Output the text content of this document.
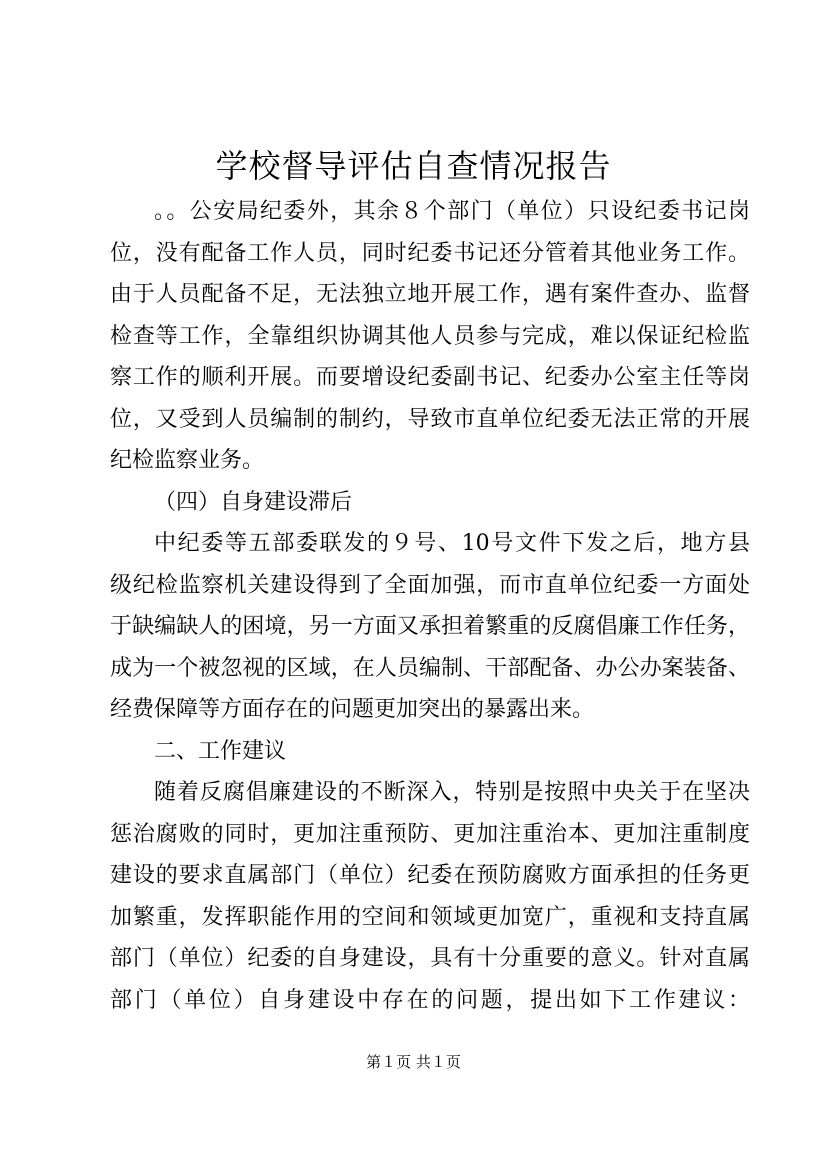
学校督导评估自查情况报告
。。公安局纪委外，其余８个部门（单位）只设纪委书记岗
位，没有配备工作人员，同时纪委书记还分管着其他业务工作。
由于人员配备不足，无法独立地开展工作，遇有案件查办、监督
检查等工作，全靠组织协调其他人员参与完成，难以保证纪检监
察工作的顺利开展。而要增设纪委副书记、纪委办公室主任等岗
位，又受到人员编制的制约，导致市直单位纪委无法正常的开展
纪检监察业务。
（四）自身建设滞后
中纪委等五部委联发的９号、10号文件下发之后，地方县
级纪检监察机关建设得到了全面加强，而市直单位纪委一方面处
于缺编缺人的困境，另一方面又承担着繁重的反腐倡廉工作任务，
成为一个被忽视的区域，在人员编制、干部配备、办公办案装备、
经费保障等方面存在的问题更加突出的暴露出来。
二、工作建议
随着反腐倡廉建设的不断深入，特别是按照中央关于在坚决
惩治腐败的同时，更加注重预防、更加注重治本、更加注重制度
建设的要求直属部门（单位）纪委在预防腐败方面承担的任务更
加繁重，发挥职能作用的空间和领域更加宽广，重视和支持直属
部门（单位）纪委的自身建设，具有十分重要的意义。针对直属
部门（单位）自身建设中存在的问题，提出如下工作建议：
第１页 共１页
